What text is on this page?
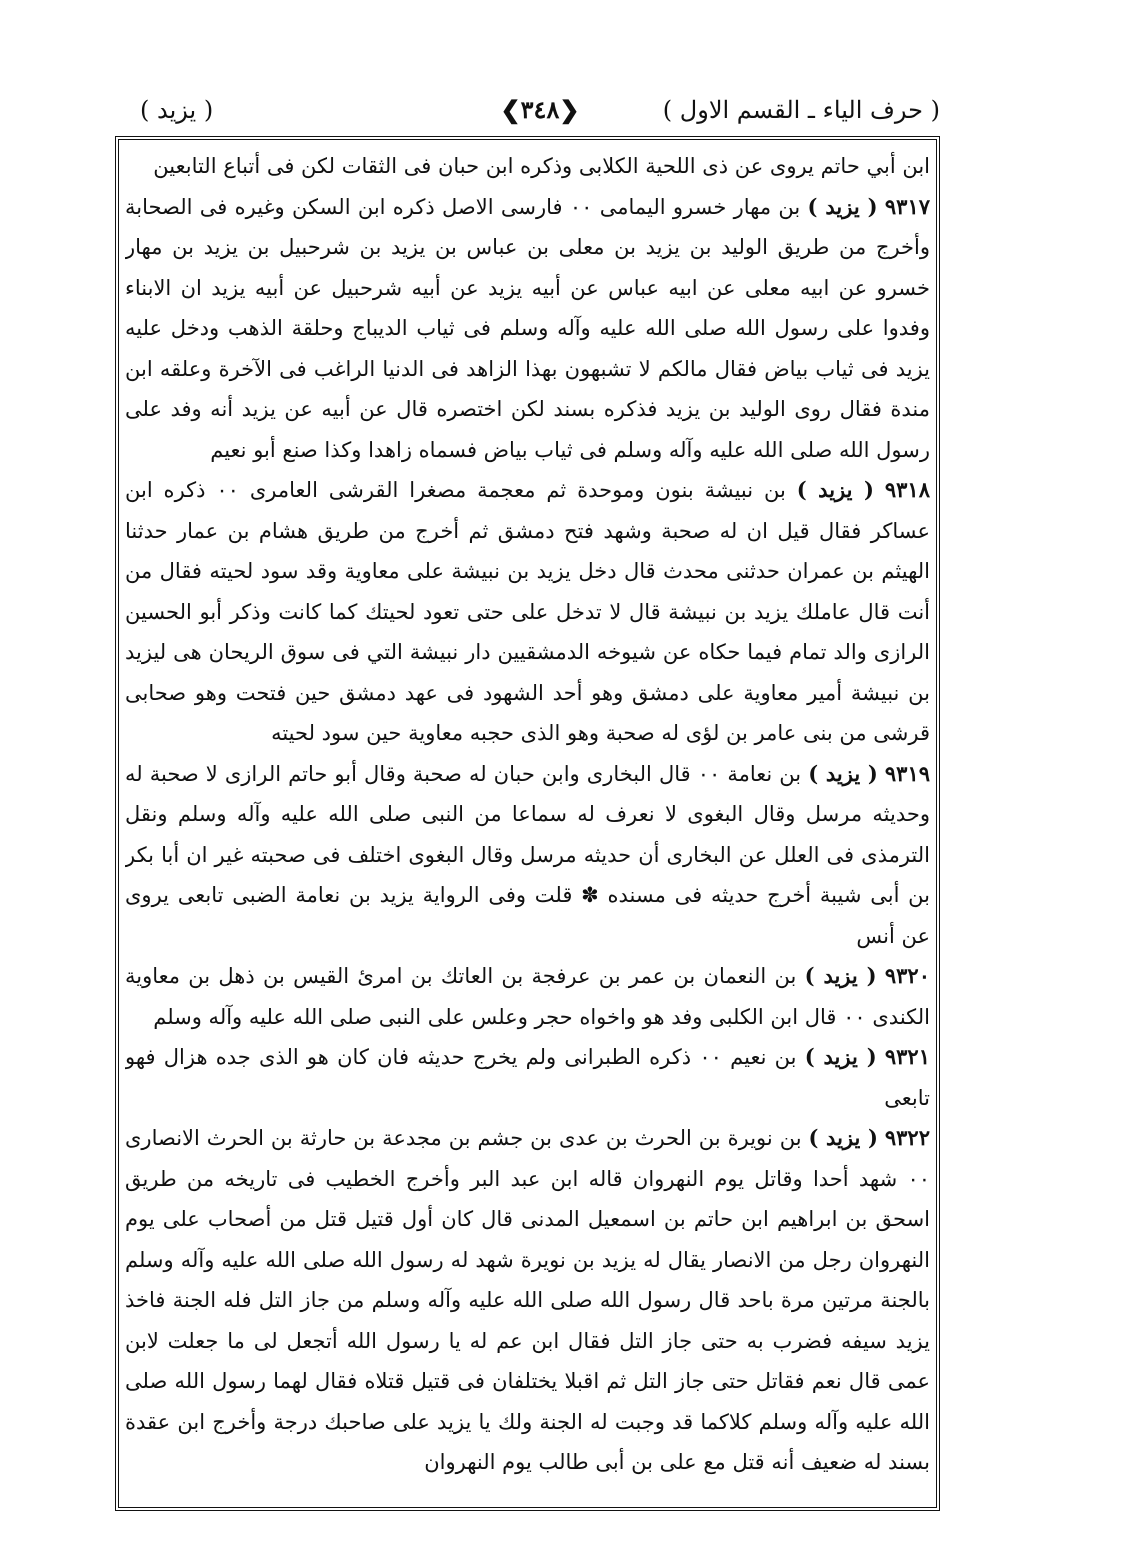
( حرف الياء ـ القسم الاول )
❮٣٤٨❯
( يزيد )

ابن أبي حاتم يروى عن ذى اللحية الكلابى وذكره ابن حبان فى الثقات لكن فى أتباع التابعين

٩٣١٧ ( يزيد ) بن مهار خسرو اليمامى ٠٠ فارسى الاصل ذكره ابن السكن وغيره فى الصحابة وأخرج من طريق الوليد بن يزيد بن معلى بن عباس بن يزيد بن شرحبيل بن يزيد بن مهار خسرو عن ابيه معلى عن ابيه عباس عن أبيه يزيد عن أبيه شرحبيل عن أبيه يزيد ان الابناء وفدوا على رسول الله صلى الله عليه وآله وسلم فى ثياب الديباج وحلقة الذهب ودخل عليه يزيد فى ثياب بياض فقال مالكم لا تشبهون بهذا الزاهد فى الدنيا الراغب فى الآخرة وعلقه ابن مندة فقال روى الوليد بن يزيد فذكره بسند لكن اختصره قال عن أبيه عن يزيد أنه وفد على رسول الله صلى الله عليه وآله وسلم فى ثياب بياض فسماه زاهدا وكذا صنع أبو نعيم

٩٣١٨ ( يزيد ) بن نبيشة بنون وموحدة ثم معجمة مصغرا القرشى العامرى ٠٠ ذكره ابن عساكر فقال قيل ان له صحبة وشهد فتح دمشق ثم أخرج من طريق هشام بن عمار حدثنا الهيثم بن عمران حدثنى محدث قال دخل يزيد بن نبيشة على معاوية وقد سود لحيته فقال من أنت قال عاملك يزيد بن نبيشة قال لا تدخل على حتى تعود لحيتك كما كانت وذكر أبو الحسين الرازى والد تمام فيما حكاه عن شيوخه الدمشقيين دار نبيشة التي فى سوق الريحان هى ليزيد بن نبيشة أمير معاوية على دمشق وهو أحد الشهود فى عهد دمشق حين فتحت وهو صحابى قرشى من بنى عامر بن لؤى له صحبة وهو الذى حجبه معاوية حين سود لحيته

٩٣١٩ ( يزيد ) بن نعامة ٠٠ قال البخارى وابن حبان له صحبة وقال أبو حاتم الرازى لا صحبة له وحديثه مرسل وقال البغوى لا نعرف له سماعا من النبى صلى الله عليه وآله وسلم ونقل الترمذى فى العلل عن البخارى أن حديثه مرسل وقال البغوى اختلف فى صحبته غير ان أبا بكر بن أبى شيبة أخرج حديثه فى مسنده ✽ قلت وفى الرواية يزيد بن نعامة الضبى تابعى يروى عن أنس

٩٣٢٠ ( يزيد ) بن النعمان بن عمر بن عرفجة بن العاتك بن امرئ القيس بن ذهل بن معاوية الكندى ٠٠ قال ابن الكلبى وفد هو واخواه حجر وعلس على النبى صلى الله عليه وآله وسلم

٩٣٢١ ( يزيد ) بن نعيم ٠٠ ذكره الطبرانى ولم يخرج حديثه فان كان هو الذى جده هزال فهو تابعى

٩٣٢٢ ( يزيد ) بن نويرة بن الحرث بن عدى بن جشم بن مجدعة بن حارثة بن الحرث الانصارى ٠٠ شهد أحدا وقاتل يوم النهروان قاله ابن عبد البر وأخرج الخطيب فى تاريخه من طريق اسحق بن ابراهيم ابن حاتم بن اسمعيل المدنى قال كان أول قتيل قتل من أصحاب على يوم النهروان رجل من الانصار يقال له يزيد بن نويرة شهد له رسول الله صلى الله عليه وآله وسلم بالجنة مرتين مرة باحد قال رسول الله صلى الله عليه وآله وسلم من جاز التل فله الجنة فاخذ يزيد سيفه فضرب به حتى جاز التل فقال ابن عم له يا رسول الله أتجعل لى ما جعلت لابن عمى قال نعم فقاتل حتى جاز التل ثم اقبلا يختلفان فى قتيل قتلاه فقال لهما رسول الله صلى الله عليه وآله وسلم كلاكما قد وجبت له الجنة ولك يا يزيد على صاحبك درجة وأخرج ابن عقدة بسند له ضعيف أنه قتل مع على بن أبى طالب يوم النهروان
